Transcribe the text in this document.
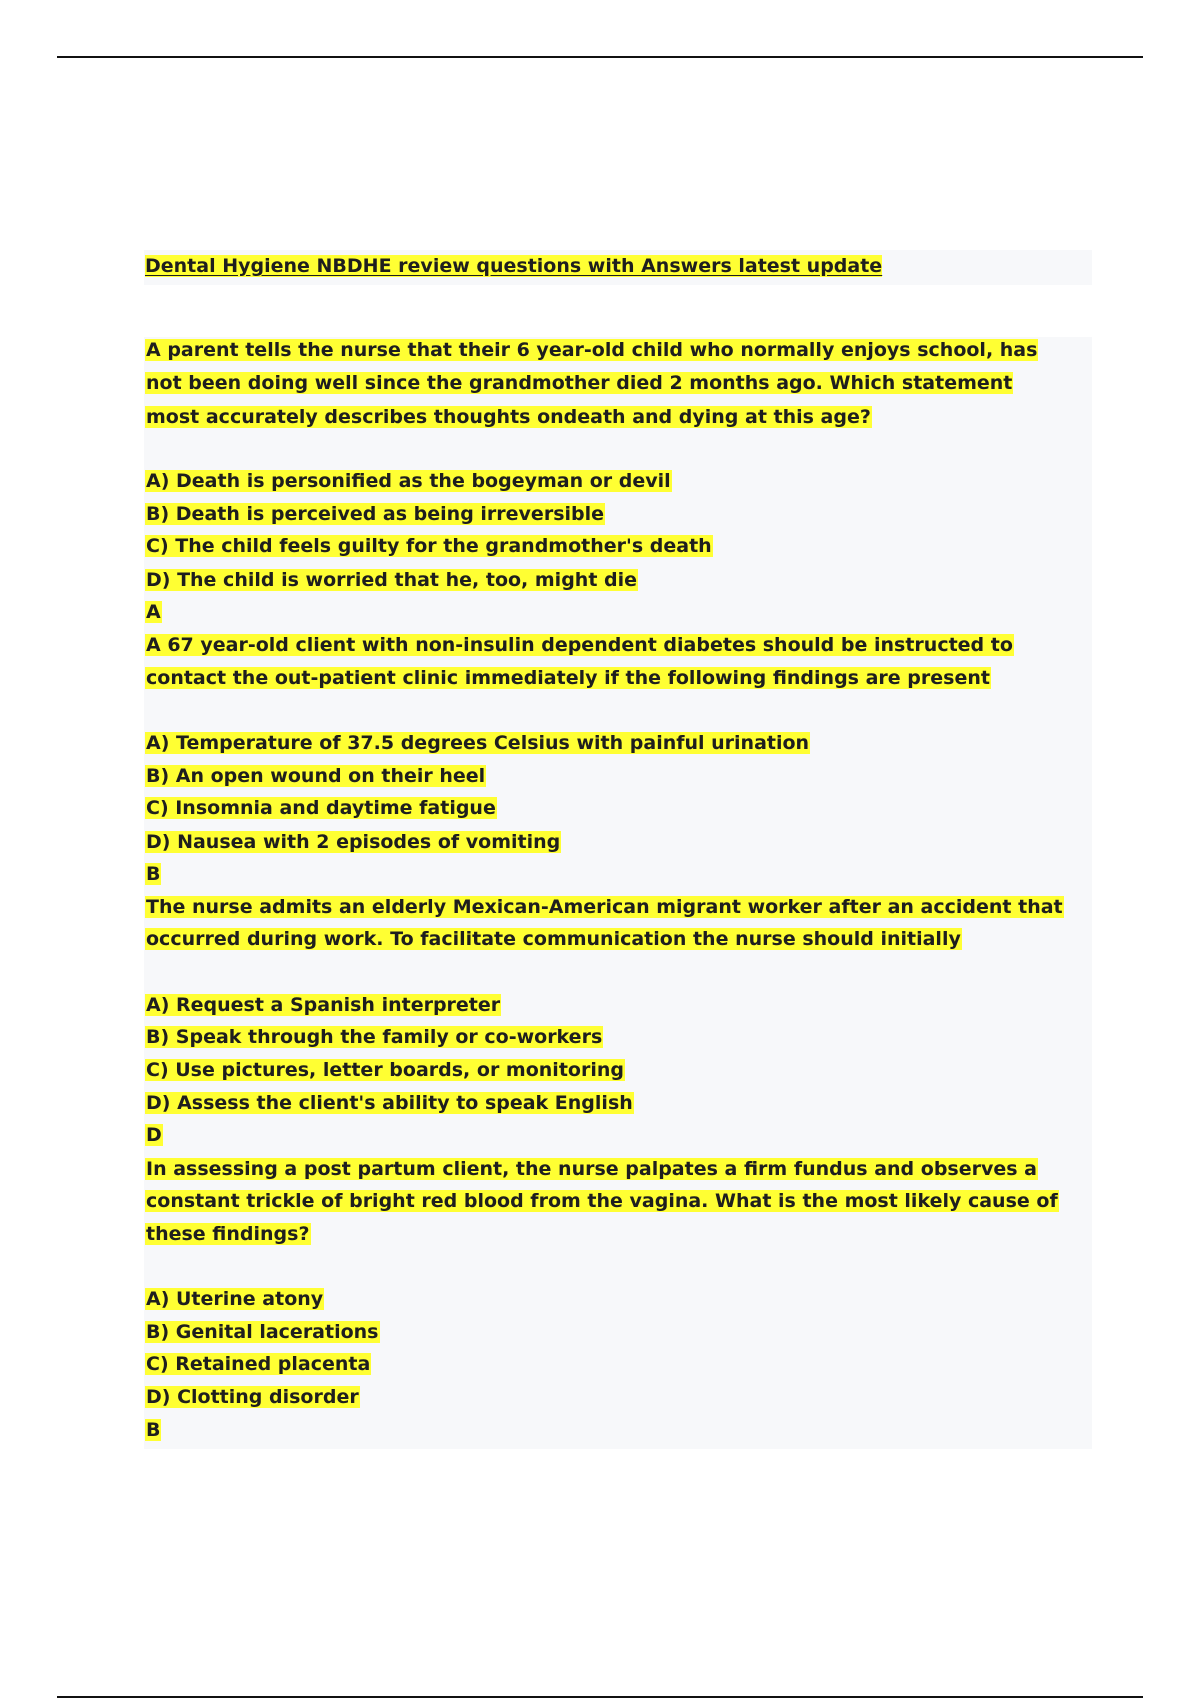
Dental Hygiene NBDHE review questions with Answers latest update
A parent tells the nurse that their 6 year-old child who normally enjoys school, has
not been doing well since the grandmother died 2 months ago. Which statement
most accurately describes thoughts ondeath and dying at this age?
A) Death is personified as the bogeyman or devil
B) Death is perceived as being irreversible
C) The child feels guilty for the grandmother's death
D) The child is worried that he, too, might die
A
A 67 year-old client with non-insulin dependent diabetes should be instructed to
contact the out-patient clinic immediately if the following findings are present
A) Temperature of 37.5 degrees Celsius with painful urination
B) An open wound on their heel
C) Insomnia and daytime fatigue
D) Nausea with 2 episodes of vomiting
B
The nurse admits an elderly Mexican-American migrant worker after an accident that
occurred during work. To facilitate communication the nurse should initially
A) Request a Spanish interpreter
B) Speak through the family or co-workers
C) Use pictures, letter boards, or monitoring
D) Assess the client's ability to speak English
D
In assessing a post partum client, the nurse palpates a firm fundus and observes a
constant trickle of bright red blood from the vagina. What is the most likely cause of
these findings?
A) Uterine atony
B) Genital lacerations
C) Retained placenta
D) Clotting disorder
B
